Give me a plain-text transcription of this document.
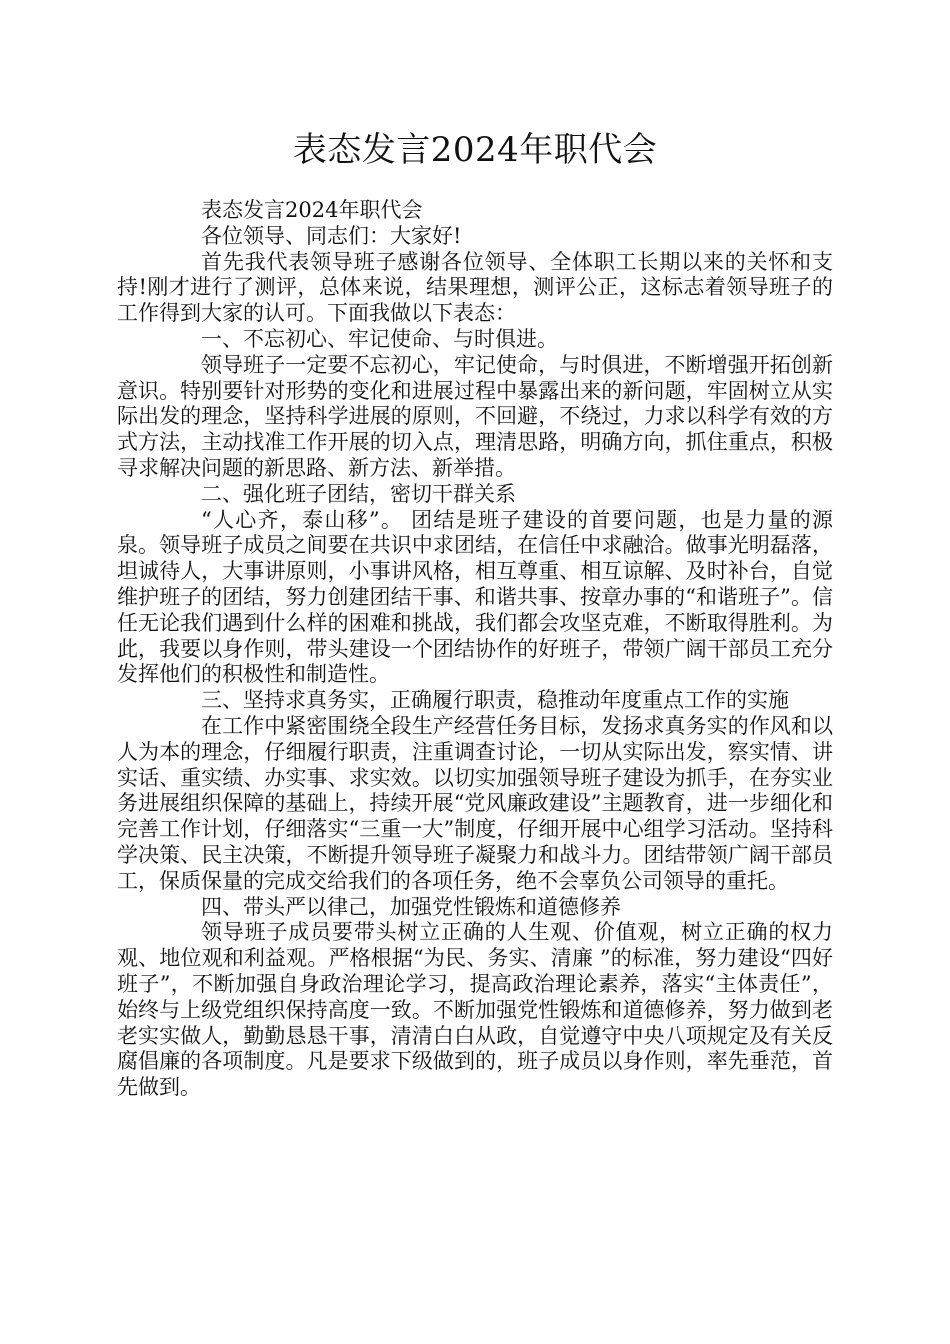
表态发言2024年职代会

表态发言2024年职代会

各位领导、同志们：大家好!

首先我代表领导班子感谢各位领导、全体职工长期以来的关怀和支持!刚才进行了测评，总体来说，结果理想，测评公正，这标志着领导班子的工作得到大家的认可。下面我做以下表态：

一、不忘初心、牢记使命、与时俱进。

领导班子一定要不忘初心，牢记使命，与时俱进，不断增强开拓创新意识。特别要针对形势的变化和进展过程中暴露出来的新问题，牢固树立从实际出发的理念，坚持科学进展的原则，不回避，不绕过，力求以科学有效的方式方法，主动找准工作开展的切入点，理清思路，明确方向，抓住重点，积极寻求解决问题的新思路、新方法、新举措。

二、强化班子团结，密切干群关系

“人心齐，泰山移”。 团结是班子建设的首要问题，也是力量的源泉。领导班子成员之间要在共识中求团结，在信任中求融洽。做事光明磊落，坦诚待人，大事讲原则，小事讲风格，相互尊重、相互谅解、及时补台，自觉维护班子的团结，努力创建团结干事、和谐共事、按章办事的“和谐班子”。信任无论我们遇到什么样的困难和挑战，我们都会攻坚克难，不断取得胜利。为此，我要以身作则，带头建设一个团结协作的好班子，带领广阔干部员工充分发挥他们的积极性和制造性。

三、坚持求真务实，正确履行职责，稳推动年度重点工作的实施

在工作中紧密围绕全段生产经营任务目标，发扬求真务实的作风和以人为本的理念，仔细履行职责，注重调查讨论，一切从实际出发，察实情、讲实话、重实绩、办实事、求实效。以切实加强领导班子建设为抓手，在夯实业务进展组织保障的基础上，持续开展“党风廉政建设”主题教育，进一步细化和完善工作计划，仔细落实“三重一大”制度，仔细开展中心组学习活动。坚持科学决策、民主决策，不断提升领导班子凝聚力和战斗力。团结带领广阔干部员工，保质保量的完成交给我们的各项任务，绝不会辜负公司领导的重托。

四、带头严以律己，加强党性锻炼和道德修养

领导班子成员要带头树立正确的人生观、价值观，树立正确的权力观、地位观和利益观。严格根据“为民、务实、清廉 ”的标准，努力建设“四好班子”，不断加强自身政治理论学习，提高政治理论素养，落实“主体责任”，始终与上级党组织保持高度一致。不断加强党性锻炼和道德修养，努力做到老老实实做人，勤勤恳恳干事，清清白白从政，自觉遵守中央八项规定及有关反腐倡廉的各项制度。凡是要求下级做到的，班子成员以身作则，率先垂范，首先做到。
